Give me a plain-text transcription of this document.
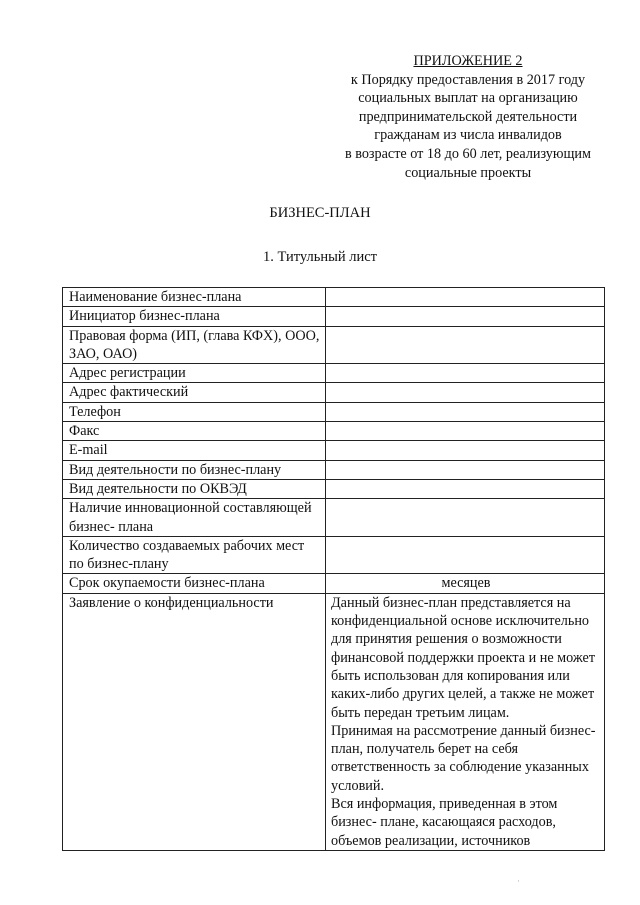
ПРИЛОЖЕНИЕ 2
к Порядку предоставления в 2017 году
социальных выплат на организацию
предпринимательской деятельности
гражданам из числа инвалидов
в возрасте от 18 до 60 лет, реализующим
социальные проекты
БИЗНЕС-ПЛАН
1. Титульный лист
Наименование бизнес-плана	
Инициатор бизнес-плана	
Правовая форма (ИП, (глава КФХ), ООО, ЗАО, ОАО)	
Адрес регистрации	
Адрес фактический	
Телефон	
Факс	
E-mail	
Вид деятельности по бизнес-плану	
Вид деятельности по ОКВЭД	
Наличие инновационной составляющей бизнес- плана	
Количество создаваемых рабочих мест по бизнес-плану	
Срок окупаемости бизнес-плана	месяцев
Заявление о конфиденциальности	Данный бизнес-план представляется на конфиденциальной основе исключительно для принятия решения о возможности финансовой поддержки проекта и не может быть использован для копирования или каких-либо других целей, а также не может быть передан третьим лицам.
Принимая на рассмотрение данный бизнес- план, получатель берет на себя ответственность за соблюдение указанных условий.
Вся информация, приведенная в этом бизнес- плане, касающаяся расходов, объемов реализации, источников
·
